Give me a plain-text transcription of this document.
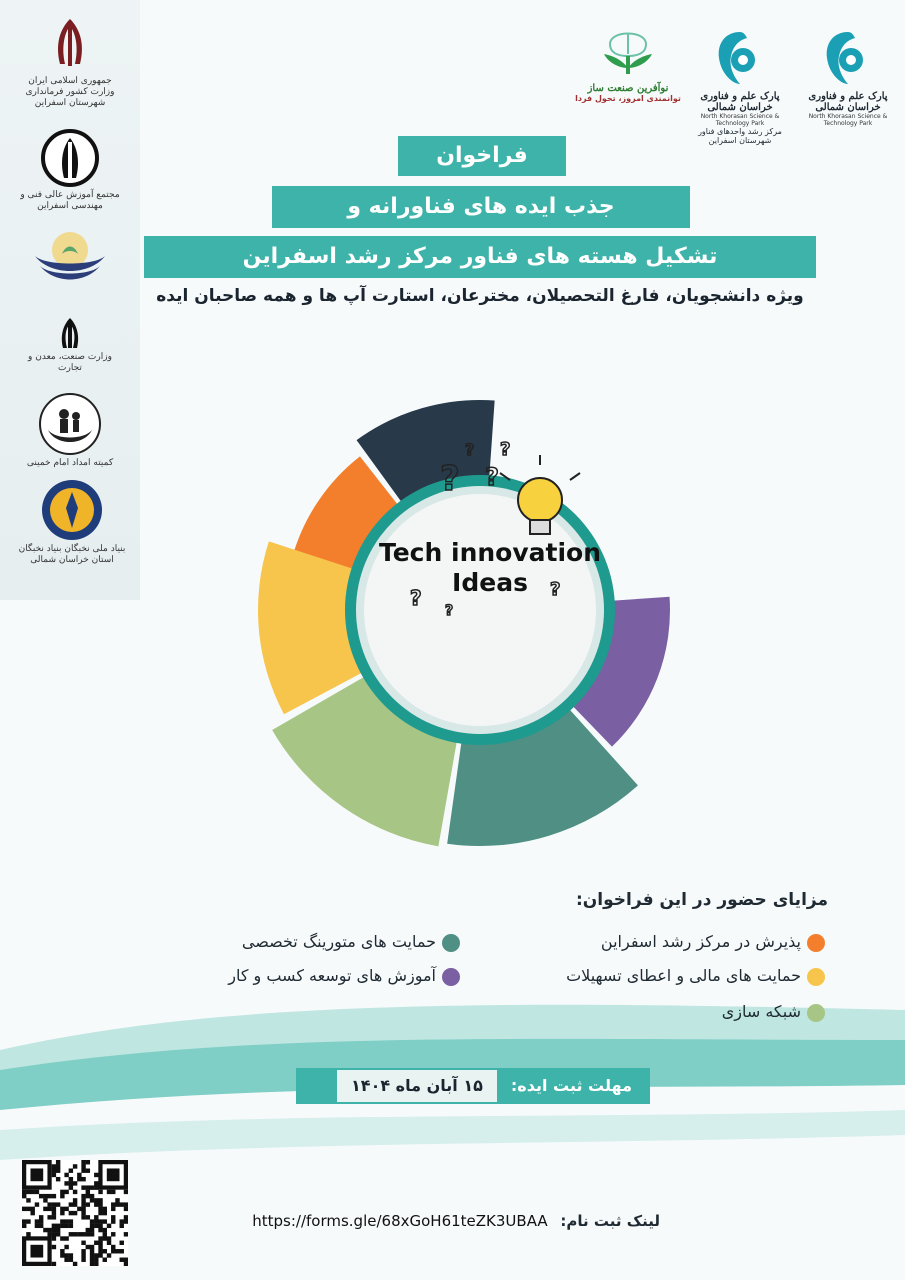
جمهوری اسلامی ایران وزارت کشور فرمانداری شهرستان اسفراین
مجتمع آموزش عالی فنی و مهندسی اسفراین
وزارت صنعت، معدن و تجارت
کمیته امداد امام خمینی
بنیاد ملی نخبگان بنیاد نخبگان استان خراسان شمالی
نوآفرین صنعت ساز
توانمندی امروز، تحول فردا	پارک علم و فناوری خراسان شمالی
North Khorasan Science & Technology Park
مرکز رشد واحدهای فناور شهرستان اسفراین
پارک علم و فناوری خراسان شمالی
North Khorasan Science & Technology Park
فراخوان
جذب ایده های فناورانه و
تشکیل هسته های فناور مرکز رشد اسفراین
ویژه دانشجویان، فارغ التحصیلان، مخترعان، استارت آپ ها و همه صاحبان ایده
? ?
?
?
?
?
?
Tech innovation
Ideas
مزایای حضور در این فراخوان:
پذیرش در مرکز رشد اسفراین
حمایت های مالی و اعطای تسهیلات
شبکه سازی
حمایت های متورینگ تخصصی
آموزش های توسعه کسب و کار
مهلت ثبت ایده:۱۵ آبان ماه ۱۴۰۴
https://forms.gle/68xGoH61teZK3UBAA لینک ثبت نام:
